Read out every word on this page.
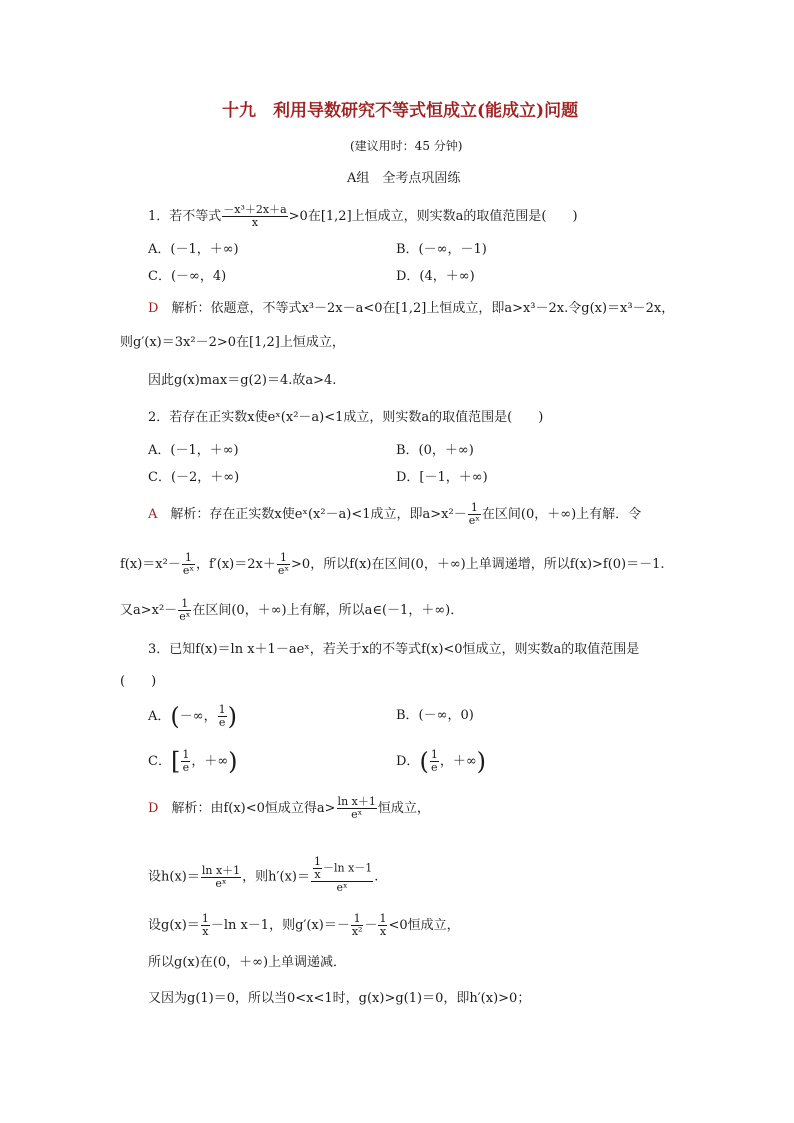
十九　利用导数研究不等式恒成立(能成立)问题
(建议用时：45 分钟)
A组　全考点巩固练
1．若不等式 $\frac{\text{－x³＋2x＋a}}{x} >0$在[1,2]上恒成立，则实数a的取值范围是(　　)
A．(－1，＋∞)	B．(－∞，－1)
C．(－∞，4)	D．(4，＋∞)
D　 解析：依题意，不等式x³－2x－a<0在[1,2]上恒成立，即a>x³－2x.令g(x)＝x³－2x，
则g′(x)＝3x²－2>0在[1,2]上恒成立，
因此g(x)max＝g(2)＝4.故a>4.
2．若存在正实数x使eˣ(x²－a)<1成立，则实数a的取值范围是(　　)
A．(－1，＋∞)	B．(0，＋∞)
C．(－2，＋∞)	D．[－1，＋∞)
A　 解析：存在正实数x使eˣ(x²－a)<1成立，即$a>x^2- \frac{1}{\text{eˣ}}$ 在区间(0，＋∞)上有解．令
$f(x)=x^2- \frac{1}{\text{eˣ}}$ ，$f'(x)=2x+ \frac{1}{\text{eˣ}} >0$，所以f(x)在区间(0，＋∞)上单调递增，所以f(x)>f(0)＝－1.
又$a>x^2- \frac{1}{\text{eˣ}}$ 在区间(0，＋∞)上有解，所以a∈(－1，＋∞)．
3．已知f(x)＝ln x＋1－aeˣ，若关于x的不等式f(x)<0恒成立，则实数a的取值范围是
(　　)
A．(－∞， $\frac{1}{e}$ )	B．(－∞，0)
C．[ $\frac{1}{e}$ ，＋∞)	D．( $\frac{1}{e}$ ，＋∞)
D　 解析：由f(x)<0恒成立得$a> \frac{\text{ln x＋1}}{\text{eˣ}}$ 恒成立，
设$h(x)= \frac{\text{ln x＋1}}{\text{eˣ}}$ ，则$h'(x)= \frac{\frac{1}{x} -\ln x-1}{\text{eˣ}}$ .
设$g(x)= \frac{1}{x} -\ln$ x－1，则$g'(x)=- \frac{1}{\text{x²}} - \frac{1}{x} <0$恒成立，
所以g(x)在(0，＋∞)上单调递减．
又因为g(1)＝0，所以当0<x<1时，g(x)>g(1)＝0，即h′(x)>0；
